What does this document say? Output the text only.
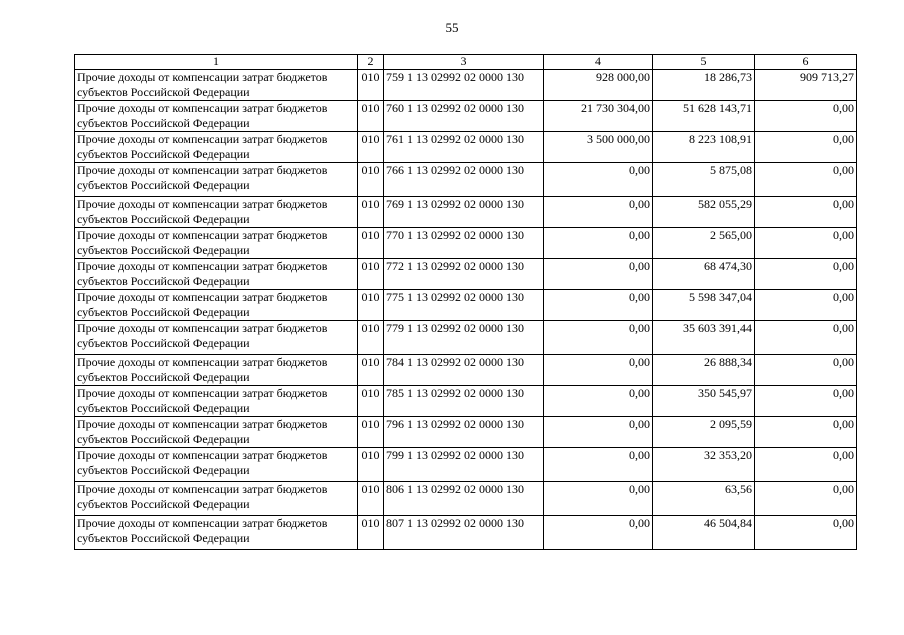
55
1	2	3	4	5	6
Прочие доходы от компенсации затрат бюджетов субъектов Российской Федерации	010	759 1 13 02992 02 0000 130	928 000,00	18 286,73	909 713,27
Прочие доходы от компенсации затрат бюджетов субъектов Российской Федерации	010	760 1 13 02992 02 0000 130	21 730 304,00	51 628 143,71	0,00
Прочие доходы от компенсации затрат бюджетов субъектов Российской Федерации	010	761 1 13 02992 02 0000 130	3 500 000,00	8 223 108,91	0,00
Прочие доходы от компенсации затрат бюджетов субъектов Российской Федерации	010	766 1 13 02992 02 0000 130	0,00	5 875,08	0,00
Прочие доходы от компенсации затрат бюджетов субъектов Российской Федерации	010	769 1 13 02992 02 0000 130	0,00	582 055,29	0,00
Прочие доходы от компенсации затрат бюджетов субъектов Российской Федерации	010	770 1 13 02992 02 0000 130	0,00	2 565,00	0,00
Прочие доходы от компенсации затрат бюджетов субъектов Российской Федерации	010	772 1 13 02992 02 0000 130	0,00	68 474,30	0,00
Прочие доходы от компенсации затрат бюджетов субъектов Российской Федерации	010	775 1 13 02992 02 0000 130	0,00	5 598 347,04	0,00
Прочие доходы от компенсации затрат бюджетов субъектов Российской Федерации	010	779 1 13 02992 02 0000 130	0,00	35 603 391,44	0,00
Прочие доходы от компенсации затрат бюджетов субъектов Российской Федерации	010	784 1 13 02992 02 0000 130	0,00	26 888,34	0,00
Прочие доходы от компенсации затрат бюджетов субъектов Российской Федерации	010	785 1 13 02992 02 0000 130	0,00	350 545,97	0,00
Прочие доходы от компенсации затрат бюджетов субъектов Российской Федерации	010	796 1 13 02992 02 0000 130	0,00	2 095,59	0,00
Прочие доходы от компенсации затрат бюджетов субъектов Российской Федерации	010	799 1 13 02992 02 0000 130	0,00	32 353,20	0,00
Прочие доходы от компенсации затрат бюджетов субъектов Российской Федерации	010	806 1 13 02992 02 0000 130	0,00	63,56	0,00
Прочие доходы от компенсации затрат бюджетов субъектов Российской Федерации	010	807 1 13 02992 02 0000 130	0,00	46 504,84	0,00
